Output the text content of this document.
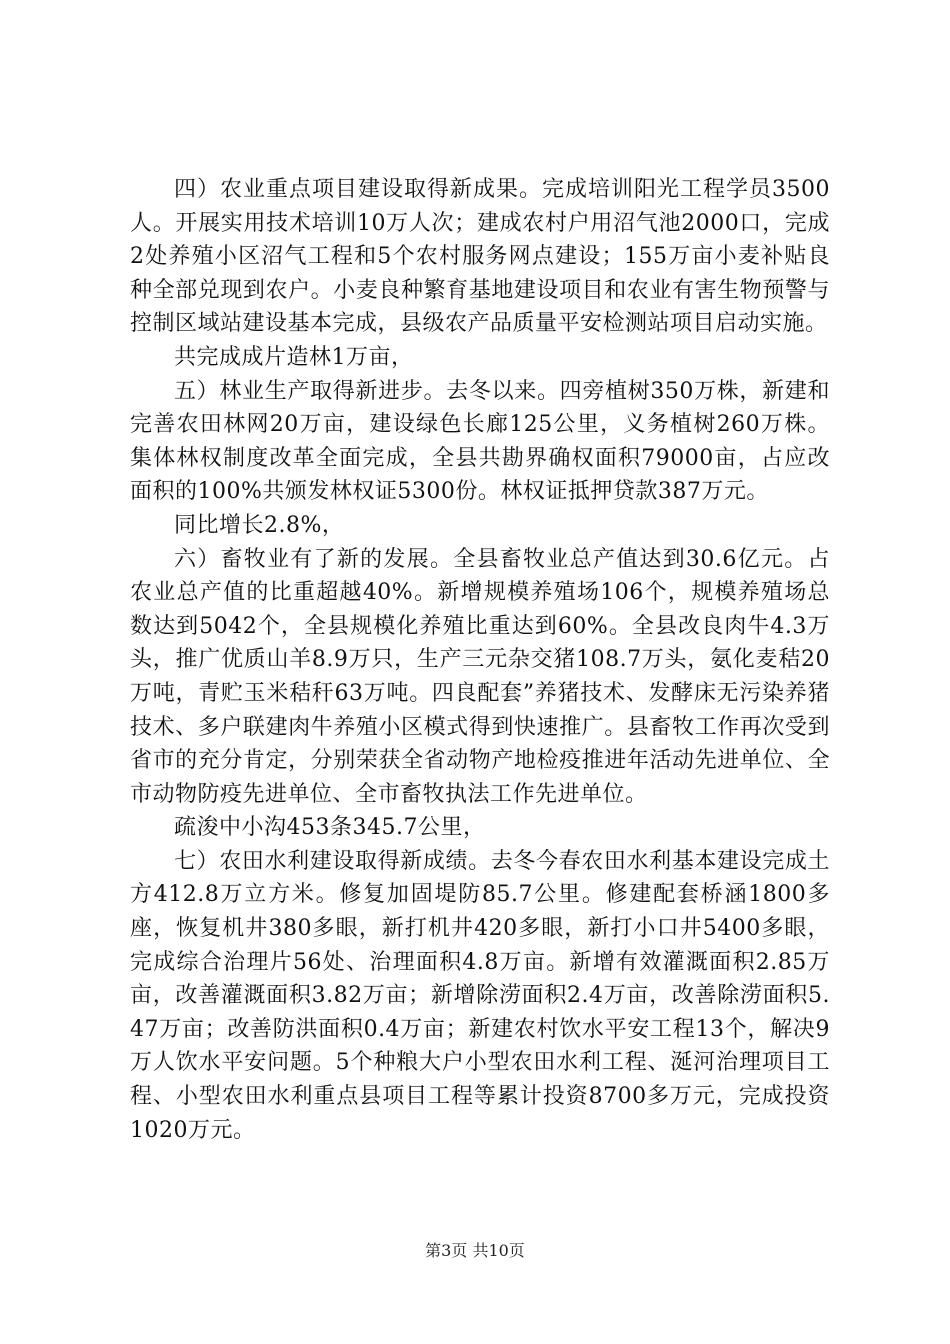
四）农业重点项目建设取得新成果。完成培训阳光工程学员3500人。开展实用技术培训10万人次；建成农村户用沼气池2000口，完成2处养殖小区沼气工程和5个农村服务网点建设；155万亩小麦补贴良种全部兑现到农户。小麦良种繁育基地建设项目和农业有害生物预警与控制区域站建设基本完成，县级农产品质量平安检测站项目启动实施。

共完成成片造林1万亩，

五）林业生产取得新进步。去冬以来。四旁植树350万株，新建和完善农田林网20万亩，建设绿色长廊125公里，义务植树260万株。集体林权制度改革全面完成，全县共勘界确权面积79000亩，占应改面积的100%共颁发林权证5300份。林权证抵押贷款387万元。

同比增长2.8%，

六）畜牧业有了新的发展。全县畜牧业总产值达到30.6亿元。占农业总产值的比重超越40%。新增规模养殖场106个，规模养殖场总数达到5042个，全县规模化养殖比重达到60%。全县改良肉牛4.3万头，推广优质山羊8.9万只，生产三元杂交猪108.7万头，氨化麦秸20万吨，青贮玉米秸秆63万吨。四良配套”养猪技术、发酵床无污染养猪技术、多户联建肉牛养殖小区模式得到快速推广。县畜牧工作再次受到省市的充分肯定，分别荣获全省动物产地检疫推进年活动先进单位、全市动物防疫先进单位、全市畜牧执法工作先进单位。

疏浚中小沟453条345.7公里，

七）农田水利建设取得新成绩。去冬今春农田水利基本建设完成土方412.8万立方米。修复加固堤防85.7公里。修建配套桥涵1800多座，恢复机井380多眼，新打机井420多眼，新打小口井5400多眼，完成综合治理片56处、治理面积4.8万亩。新增有效灌溉面积2.85万亩，改善灌溉面积3.82万亩；新增除涝面积2.4万亩，改善除涝面积5.47万亩；改善防洪面积0.4万亩；新建农村饮水平安工程13个，解决9万人饮水平安问题。5个种粮大户小型农田水利工程、涎河治理项目工程、小型农田水利重点县项目工程等累计投资8700多万元，完成投资1020万元。

第3页 共10页
